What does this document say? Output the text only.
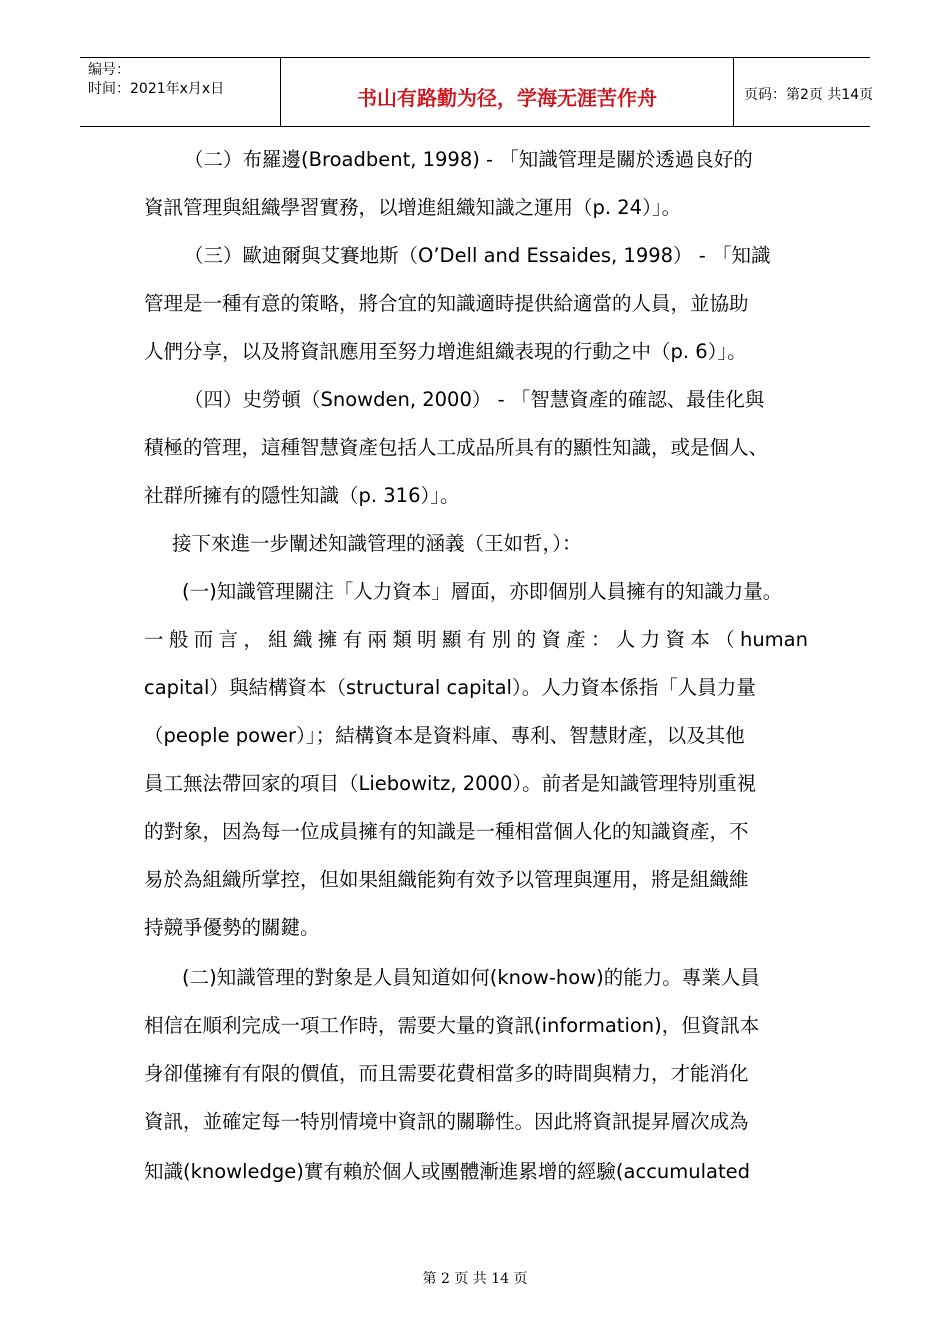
编号：
时间：2021年x月x日	书山有路勤为径，学海无涯苦作舟	页码：第2页 共14页
（二）布羅邊(Broadbent, 1998) - 「知識管理是關於透過良好的
資訊管理與組織學習實務，以增進組織知識之運用（p. 24）」。
（三）歐迪爾與艾賽地斯（O’Dell and Essaides, 1998） - 「知識
管理是一種有意的策略，將合宜的知識適時提供給適當的人員，並協助
人們分享，以及將資訊應用至努力增進組織表現的行動之中（p. 6）」。
（四）史勞頓（Snowden, 2000） - 「智慧資產的確認、最佳化與
積極的管理，這種智慧資產包括人工成品所具有的顯性知識，或是個人、
社群所擁有的隱性知識（p. 316）」。
接下來進一步闡述知識管理的涵義（王如哲，）：
(一)知識管理關注「人力資本」層面，亦即個別人員擁有的知識力量。
一般而言，組織擁有兩類明顯有別的資產：人力資本（human
capital）與結構資本（structural capital）。人力資本係指「人員力量
（people power）」；結構資本是資料庫、專利、智慧財產，以及其他
員工無法帶回家的項目（Liebowitz, 2000）。前者是知識管理特別重視
的對象，因為每一位成員擁有的知識是一種相當個人化的知識資產，不
易於為組織所掌控，但如果組織能夠有效予以管理與運用，將是組織維
持競爭優勢的關鍵。
(二)知識管理的對象是人員知道如何(know-how)的能力。專業人員
相信在順利完成一項工作時，需要大量的資訊(information)，但資訊本
身卻僅擁有有限的價值，而且需要花費相當多的時間與精力，才能消化
資訊，並確定每一特別情境中資訊的關聯性。因此將資訊提昇層次成為
知識(knowledge)實有賴於個人或團體漸進累增的經驗(accumulated
第 2 页 共 14 页
